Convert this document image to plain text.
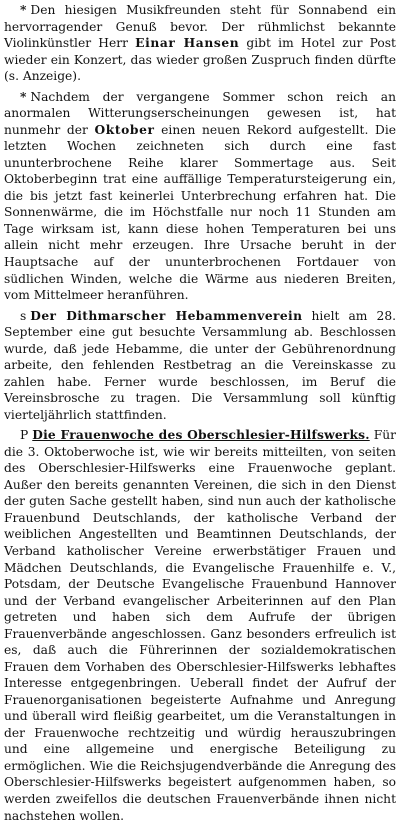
* Den hiesigen Musikfreunden steht für Sonnabend ein hervorragender Genuß bevor. Der rühmlichst bekannte Violinkünstler Herr Einar Hansen gibt im Hotel zur Post wieder ein Konzert, das wieder großen Zuspruch finden dürfte (s. Anzeige).

* Nachdem der vergangene Sommer schon reich an anormalen Witterungserscheinungen gewesen ist, hat nunmehr der Oktober einen neuen Rekord aufgestellt. Die letzten Wochen zeichneten sich durch eine fast ununterbrochene Reihe klarer Sommertage aus. Seit Oktoberbeginn trat eine auffällige Temperatursteigerung ein, die bis jetzt fast keinerlei Unterbrechung erfahren hat. Die Sonnenwärme, die im Höchstfalle nur noch 11 Stunden am Tage wirksam ist, kann diese hohen Temperaturen bei uns allein nicht mehr erzeugen. Ihre Ursache beruht in der Hauptsache auf der ununterbrochenen Fortdauer von südlichen Winden, welche die Wärme aus niederen Breiten, vom Mittelmeer heranführen.

s Der Dithmarscher Hebammenverein hielt am 28. September eine gut besuchte Versammlung ab. Beschlossen wurde, daß jede Hebamme, die unter der Gebührenordnung arbeite, den fehlenden Restbetrag an die Vereinskasse zu zahlen habe. Ferner wurde beschlossen, im Beruf die Vereinsbrosche zu tragen. Die Versammlung soll künftig vierteljährlich stattfinden.

P Die Frauenwoche des Oberschlesier-Hilfswerks. Für die 3. Oktoberwoche ist, wie wir bereits mitteilten, von seiten des Oberschlesier-Hilfswerks eine Frauenwoche geplant. Außer den bereits genannten Vereinen, die sich in den Dienst der guten Sache gestellt haben, sind nun auch der katholische Frauenbund Deutschlands, der katholische Verband der weiblichen Angestellten und Beamtinnen Deutschlands, der Verband katholischer Vereine erwerbstätiger Frauen und Mädchen Deutschlands, die Evangelische Frauenhilfe e. V., Potsdam, der Deutsche Evangelische Frauenbund Hannover und der Verband evangelischer Arbeiterinnen auf den Plan getreten und haben sich dem Aufrufe der übrigen Frauenverbände angeschlossen. Ganz besonders erfreulich ist es, daß auch die Führerinnen der sozialdemokratischen Frauen dem Vorhaben des Oberschlesier-Hilfswerks lebhaftes Interesse entgegenbringen. Ueberall findet der Aufruf der Frauenorganisationen begeisterte Aufnahme und Anregung und überall wird fleißig gearbeitet, um die Veranstaltungen in der Frauenwoche rechtzeitig und würdig herauszubringen und eine allgemeine und energische Beteiligung zu ermöglichen. Wie die Reichsjugendverbände die Anregung des Oberschlesier-Hilfswerks begeistert aufgenommen haben, so werden zweifellos die deutschen Frauenverbände ihnen nicht nachstehen wollen.
